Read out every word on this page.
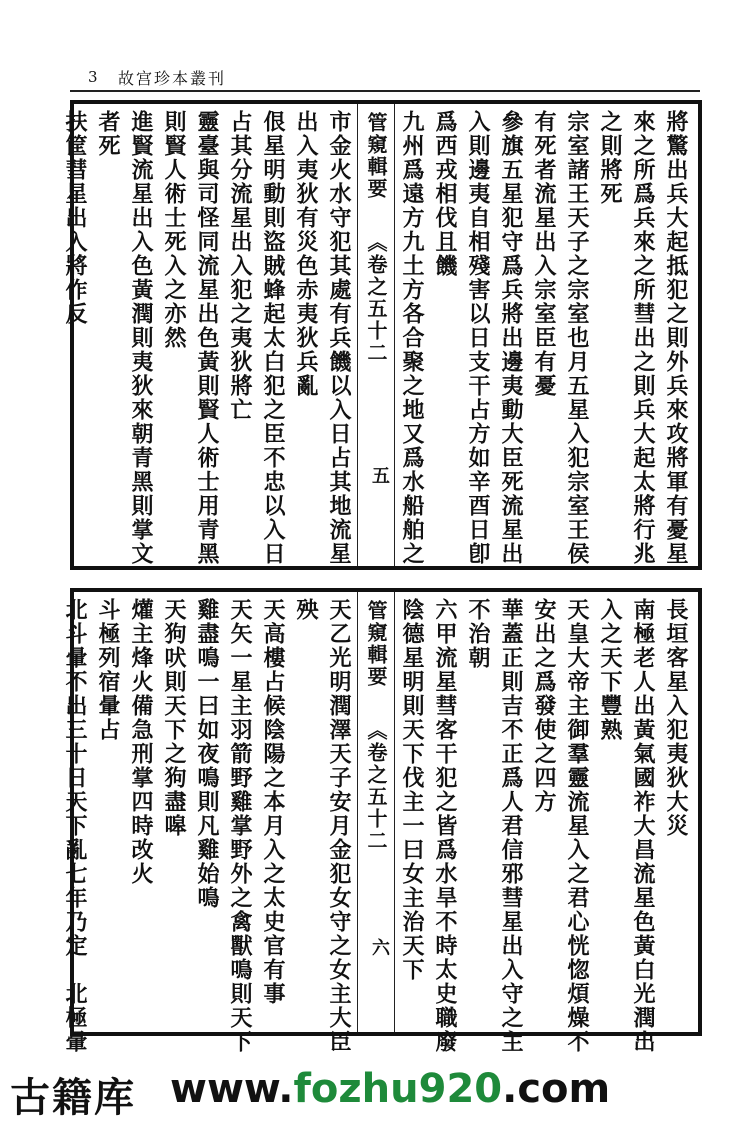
3 故宫珍本叢刊
將驚出兵大起抵犯之則外兵來攻將軍有憂星
來之所爲兵來之所彗出之則兵大起太將行兆
之則將死
宗室諸王天子之宗室也月五星入犯宗室王侯
有死者流星出入宗室臣有憂
參旗五星犯守爲兵將出邊夷動大臣死流星出
入則邊夷自相殘害以日支干占方如辛酉日卽
爲西戎相伐且饑
九州爲遠方九土方各合聚之地又爲水船舶之
市金火水守犯其處有兵饑以入日占其地流星
出入夷狄有災色赤夷狄兵亂
佷星明動則盜賊蜂起太白犯之臣不忠以入日
占其分流星出入犯之夷狄將亡
靈臺與司怪同流星出色黃則賢人術士用青黑
則賢人術士死入之亦然
進賢流星出入色黃潤則夷狄來朝青黑則掌文
者死
扶筐彗星出入將作反	管窺輯要
《 卷之五十二
五
長垣客星入犯夷狄大災
南極老人出黃氣國祚大昌流星色黃白光潤出
入之天下豐熟
天皇大帝主御羣靈流星入之君心恍惚煩燥不
安出之爲發使之四方
華蓋正則吉不正爲人君信邪彗星出入守之主
不治朝
六甲流星彗客干犯之皆爲水旱不時太史職廢
陰德星明則天下伐主一曰女主治天下
天乙光明潤澤天子安月金犯女守之女主大臣
殃
天高樓占候陰陽之本月入之太史官有事
天矢一星主羽箭野雞掌野外之禽獸鳴則天下
雞盡鳴一曰如夜鳴則凡雞始鳴
天狗吠則天下之狗盡嗥
爟主烽火備急刑掌四時改火
斗極列宿暈占
北斗暈不出三十日天下亂七年乃定　北極暈	管窺輯要
《 卷之五十二
六
古籍库 www.fozhu920.com
